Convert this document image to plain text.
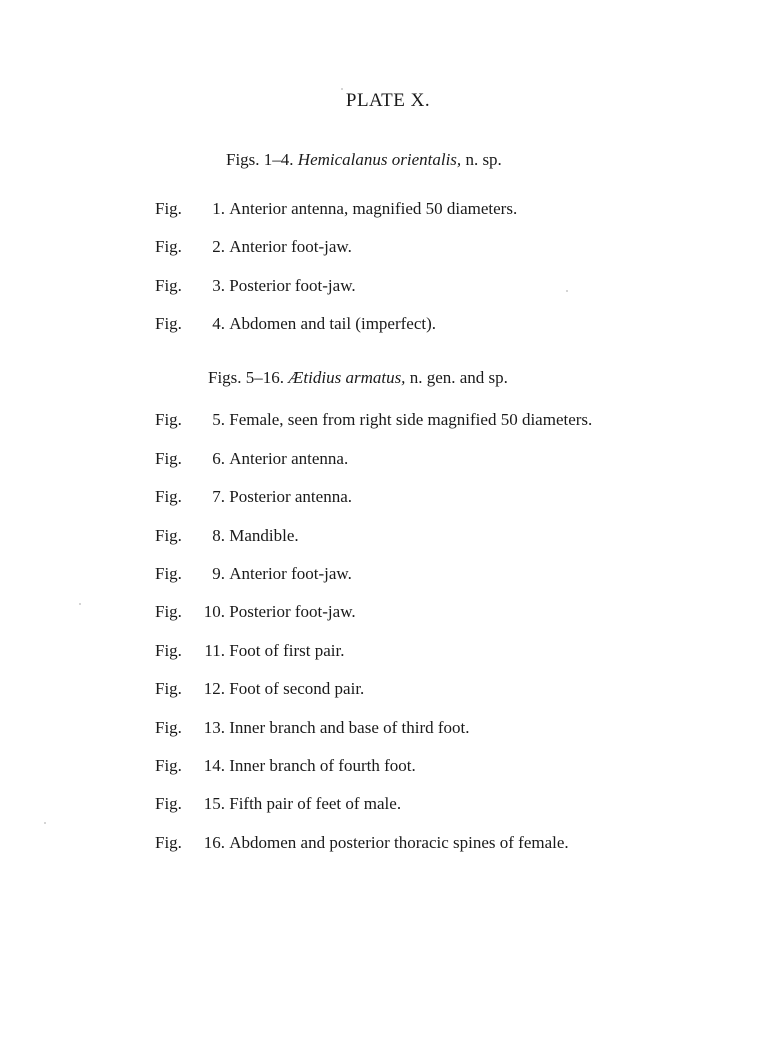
PLATE X.
Figs. 1–4. Hemicalanus orientalis, n. sp.
Fig. 1. Anterior antenna, magnified 50 diameters.
Fig. 2. Anterior foot-jaw.
Fig. 3. Posterior foot-jaw.
Fig. 4. Abdomen and tail (imperfect).
Figs. 5–16. Ætidius armatus, n. gen. and sp.
Fig. 5. Female, seen from right side magnified 50 diameters.
Fig. 6. Anterior antenna.
Fig. 7. Posterior antenna.
Fig. 8. Mandible.
Fig. 9. Anterior foot-jaw.
Fig. 10. Posterior foot-jaw.
Fig. 11. Foot of first pair.
Fig. 12. Foot of second pair.
Fig. 13. Inner branch and base of third foot.
Fig. 14. Inner branch of fourth foot.
Fig. 15. Fifth pair of feet of male.
Fig. 16. Abdomen and posterior thoracic spines of female.
